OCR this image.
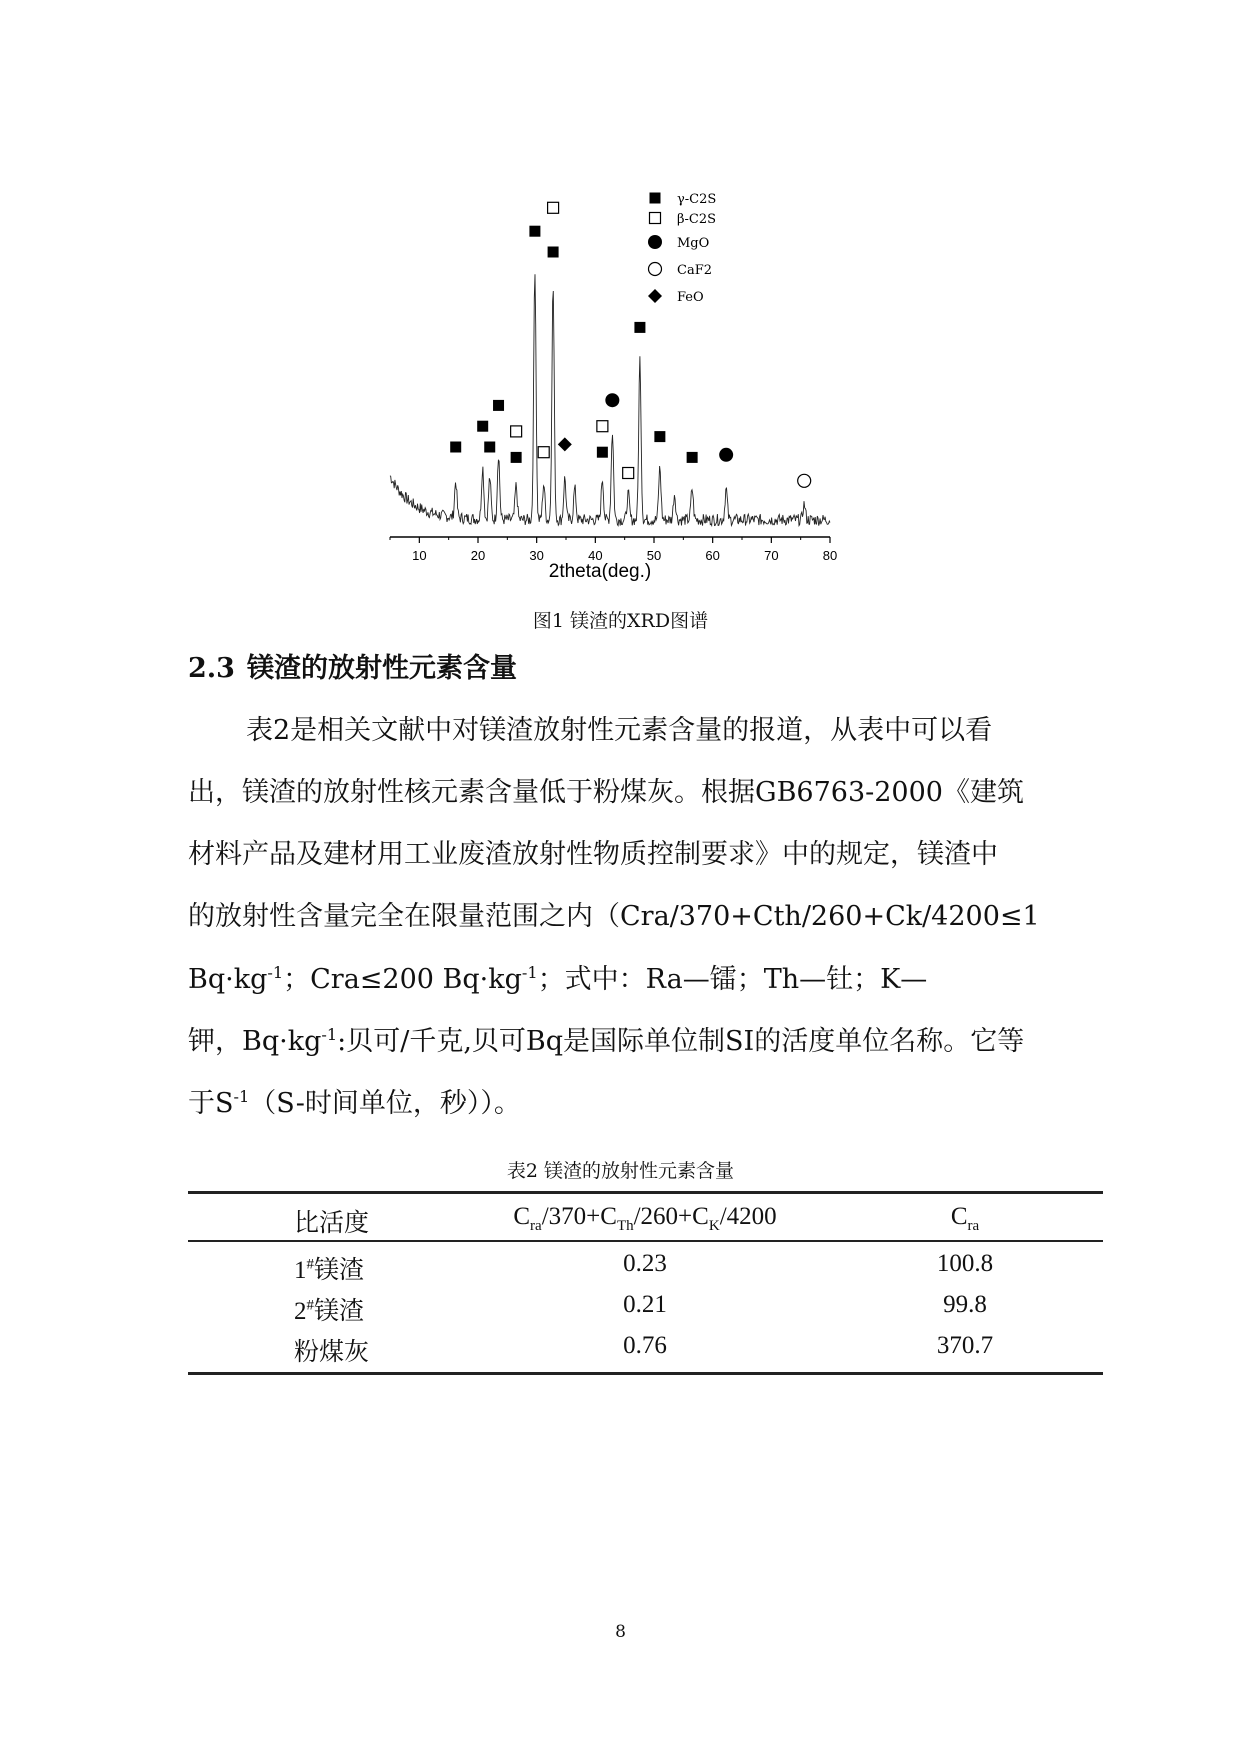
10	20	30	40	50	60	70	80
γ-C2S
β-C2S
MgO
CaF2
FeO
2theta(deg.)
图1 镁渣的XRD图谱
2.3 镁渣的放射性元素含量
表2是相关文献中对镁渣放射性元素含量的报道，从表中可以看
出，镁渣的放射性核元素含量低于粉煤灰。根据GB6763-2000《建筑
材料产品及建材用工业废渣放射性物质控制要求》中的规定，镁渣中
的放射性含量完全在限量范围之内（Cra/370+Cth/260+Ck/4200≤1
$Bq\cdot kg^{-1}$；Cra≤200 $Bq\cdot kg^{-1}$；式中：Ra—镭；Th—钍；K—
钾，$Bq\cdot kg^{-1}$:贝可/千克,贝可Bq是国际单位制SI的活度单位名称。它等
于$S^{-1}(S-$时间单位，秒））。
表2 镁渣的放射性元素含量
比活度	$C_{ra}/370+C_{Th}/260+C_K/4200$	$C_{ra}$
1#镁渣	0.23	100.8
2#镁渣	0.21	99.8
粉煤灰	0.76	370.7
8
